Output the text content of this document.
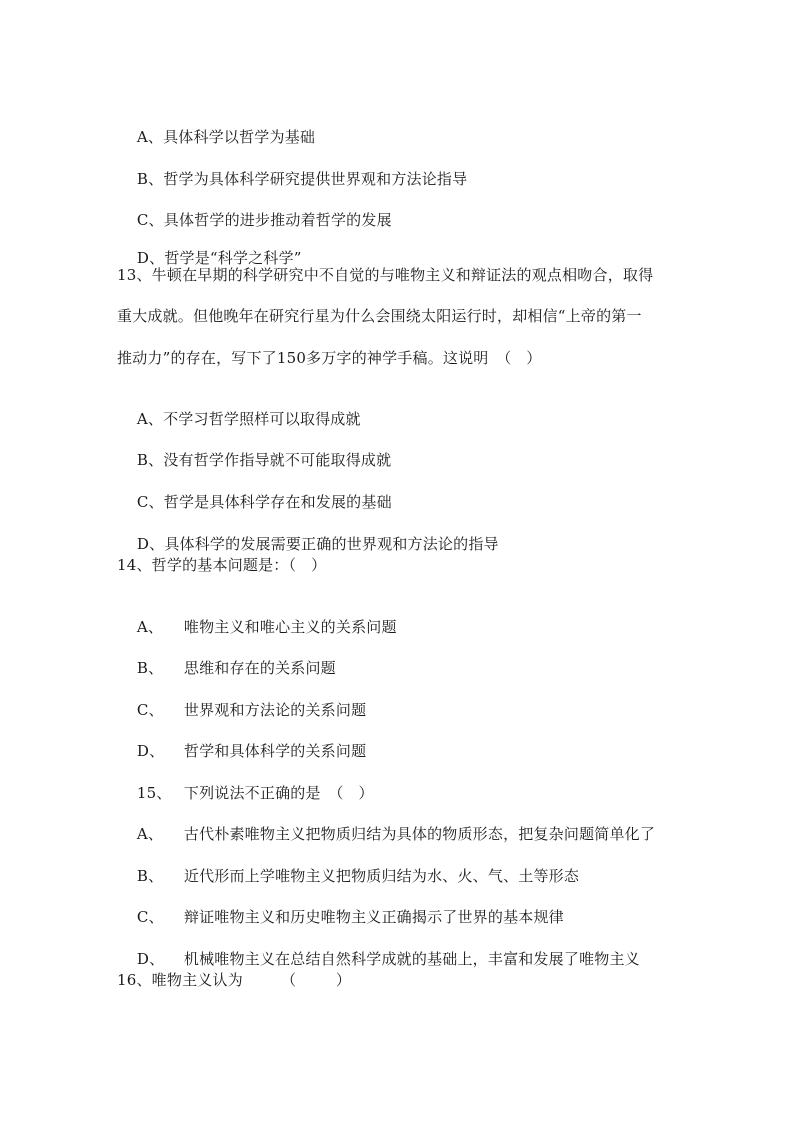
A、具体科学以哲学为基础

B、哲学为具体科学研究提供世界观和方法论指导

C、具体哲学的进步推动着哲学的发展

D、哲学是“科学之科学”

13、牛顿在早期的科学研究中不自觉的与唯物主义和辩证法的观点相吻合，取得
重大成就。但他晚年在研究行星为什么会围绕太阳运行时，却相信“上帝的第一
推动力”的存在，写下了150多万字的神学手稿。这说明　（   ）

A、不学习哲学照样可以取得成就

B、没有哲学作指导就不可能取得成就

C、哲学是具体科学存在和发展的基础

D、具体科学的发展需要正确的世界观和方法论的指导

14、哲学的基本问题是：（   ）

A、 唯物主义和唯心主义的关系问题

B、 思维和存在的关系问题

C、 世界观和方法论的关系问题

D、 哲学和具体科学的关系问题

15、 下列说法不正确的是　（   ）

A、 古代朴素唯物主义把物质归结为具体的物质形态，把复杂问题简单化了

B、 近代形而上学唯物主义把物质归结为水、火、气、土等形态

C、 辩证唯物主义和历史唯物主义正确揭示了世界的基本规律

D、 机械唯物主义在总结自然科学成就的基础上，丰富和发展了唯物主义

16、唯物主义认为　　　（        ）
